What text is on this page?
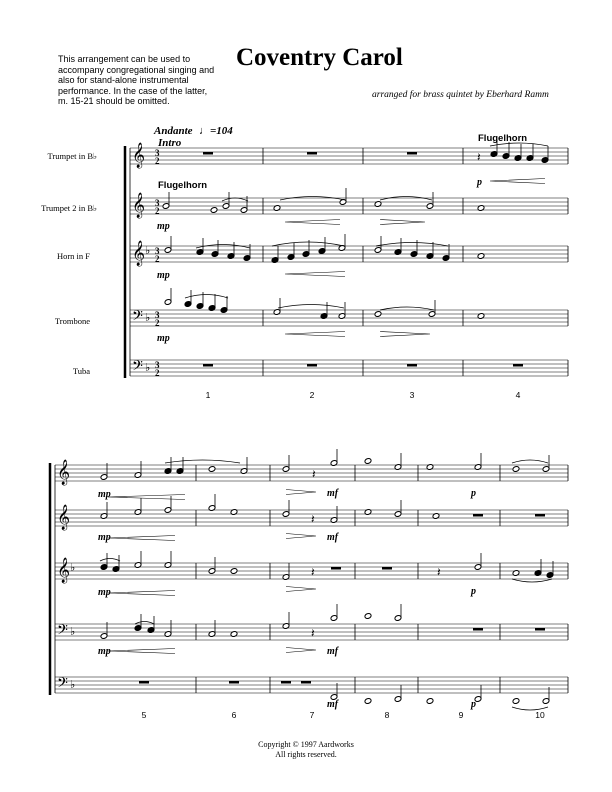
This arrangement can be used to
accompany congregational singing and
also for stand-alone instrumental
performance. In the case of the latter,
m. 15-21 should be omitted.
Coventry Carol
arranged for brass quintet by Eberhard Ramm
𝄞 3
2
𝄞 3
2
𝄞 ♭ 3
2
𝄢 ♭ 3
2
𝄢 ♭ 3
2
𝄞
𝄞
𝄞 ♭
𝄢 ♭
𝄢 ♭
𝄽
𝄽
𝄽
𝄽	𝄽
𝄽
Trumpet in B♭
Trumpet 2 in B♭
Horn in F
Trombone
Tuba
Andante ♩=104
Intro	Flugelhorn
Flugelhorn
mp
mp
mp
p
mp
mp
mp
mp
mf
mf
mf
mf
p
p
p
1	2	3	4
5	6	7	8	9	10
Copyright © 1997 Aardworks
All rights reserved.
